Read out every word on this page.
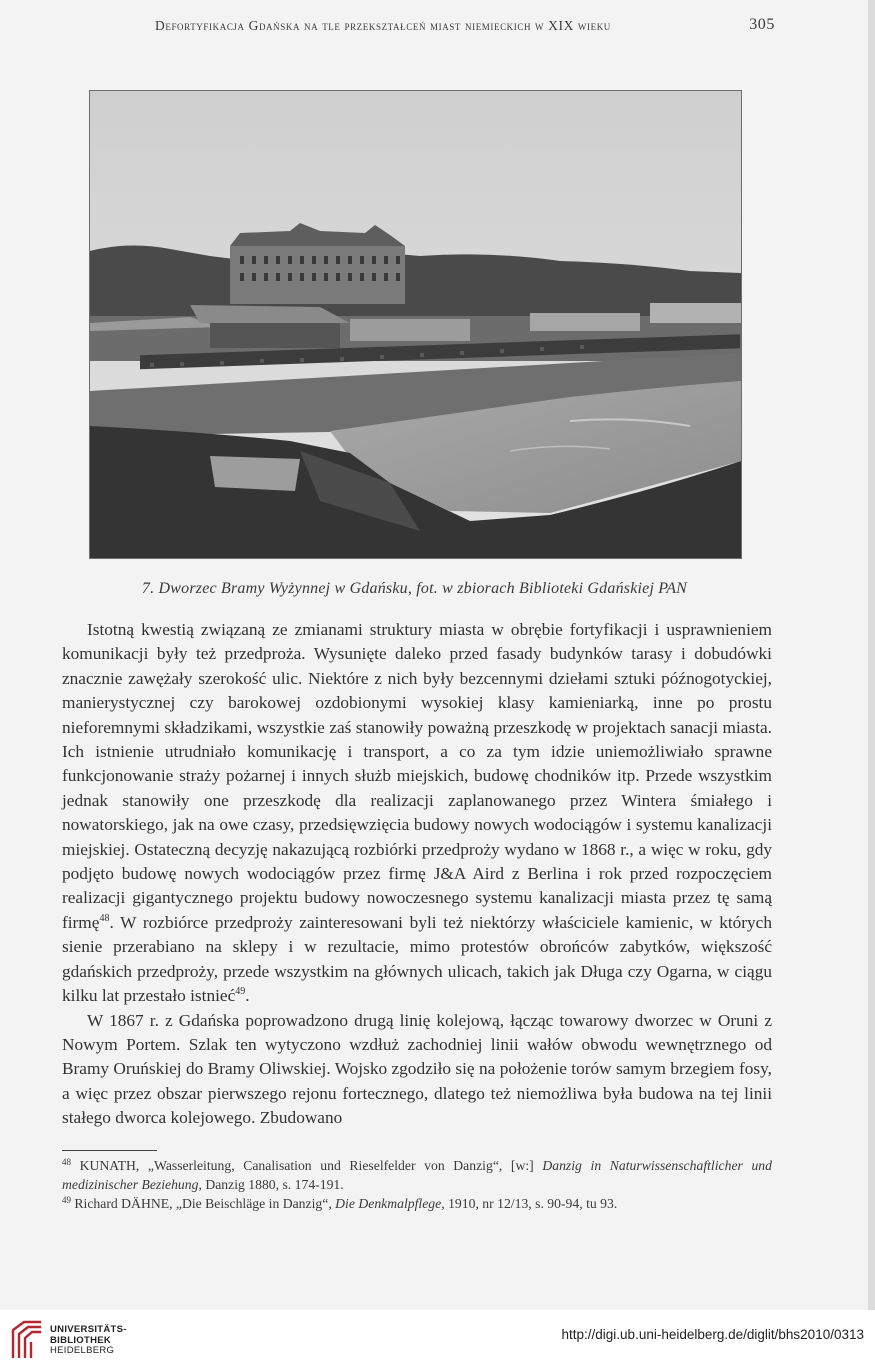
Defortyfikacja Gdańska na tle przekształceń miast niemieckich w XIX wieku	305
7. Dworzec Bramy Wyżynnej w Gdańsku, fot. w zbiorach Biblioteki Gdańskiej PAN

Istotną kwestią związaną ze zmianami struktury miasta w obrębie fortyfikacji i usprawnieniem komunikacji były też przedproża. Wysunięte daleko przed fasady budynków tarasy i dobudówki znacznie zawężały szerokość ulic. Niektóre z nich były bezcennymi dziełami sztuki późnogotyckiej, manierystycznej czy barokowej ozdobionymi wysokiej klasy kamieniarką, inne po prostu nieforemnymi składzikami, wszystkie zaś stanowiły poważną przeszkodę w projektach sanacji miasta. Ich istnienie utrudniało komunikację i transport, a co za tym idzie uniemożliwiało sprawne funkcjonowanie straży pożarnej i innych służb miejskich, budowę chodników itp. Przede wszystkim jednak stanowiły one przeszkodę dla realizacji zaplanowanego przez Wintera śmiałego i nowatorskiego, jak na owe czasy, przedsięwzięcia budowy nowych wodociągów i systemu kanalizacji miejskiej. Ostateczną decyzję nakazującą rozbiórki przedproży wydano w 1868 r., a więc w roku, gdy podjęto budowę nowych wodociągów przez firmę J&A Aird z Berlina i rok przed rozpoczęciem realizacji gigantycznego projektu budowy nowoczesnego systemu kanalizacji miasta przez tę samą firmę$^{48}$. W rozbiórce przedproży zainteresowani byli też niektórzy właściciele kamienic, w których sienie przerabiano na sklepy i w rezultacie, mimo protestów obrońców zabytków, większość gdańskich przedproży, przede wszystkim na głównych ulicach, takich jak Długa czy Ogarna, w ciągu kilku lat przestało istnieć$^{49}$.

W 1867 r. z Gdańska poprowadzono drugą linię kolejową, łącząc towarowy dworzec w Oruni z Nowym Portem. Szlak ten wytyczono wzdłuż zachodniej linii wałów obwodu wewnętrznego od Bramy Oruńskiej do Bramy Oliwskiej. Wojsko zgodziło się na położenie torów samym brzegiem fosy, a więc przez obszar pierwszego rejonu fortecznego, dlatego też niemożliwa była budowa na tej linii stałego dworca kolejowego. Zbudowano

$^{48}$ KUNATH, „Wasserleitung, Canalisation und Rieselfelder von Danzig“, [w:] Danzig in Naturwissenschaftlicher und medizinischer Beziehung, Danzig 1880, s. 174-191.

$^{49}$ Richard DÄHNE, „Die Beischläge in Danzig“, Die Denkmalpflege, 1910, nr 12/13, s. 90-94, tu 93.

UNIVERSITÄTS-
BIBLIOTHEK
HEIDELBERG
http://digi.ub.uni-heidelberg.de/diglit/bhs2010/0313
